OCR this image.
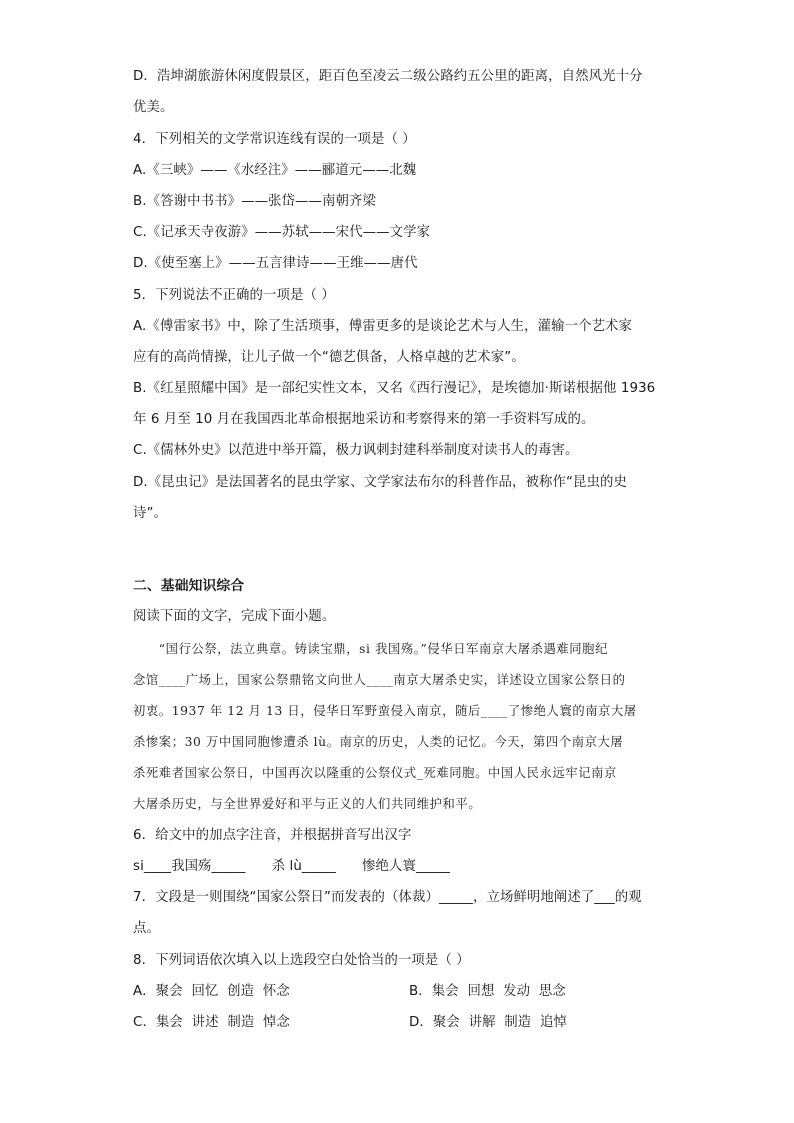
D．浩坤湖旅游休闲度假景区，距百色至凌云二级公路约五公里的距离，自然风光十分
优美。
4．下列相关的文学常识连线有误的一项是（ ）
A.《三峡》——《水经注》——郦道元——北魏
B.《答谢中书书》——张岱——南朝齐梁
C.《记承天寺夜游》——苏轼——宋代——文学家
D.《使至塞上》——五言律诗——王维——唐代
5．下列说法不正确的一项是（ ）
A.《傅雷家书》中，除了生活琐事，傅雷更多的是谈论艺术与人生，灌输一个艺术家
应有的高尚情操，让儿子做一个“德艺俱备，人格卓越的艺术家”。
B.《红星照耀中国》是一部纪实性文本，又名《西行漫记》，是埃德加·斯诺根据他 1936
年 6 月至 10 月在我国西北革命根据地采访和考察得来的第一手资料写成的。
C.《儒林外史》以范进中举开篇，极力讽刺封建科举制度对读书人的毒害。
D.《昆虫记》是法国著名的昆虫学家、文学家法布尔的科普作品，被称作“昆虫的史
诗”。
二、基础知识综合
阅读下面的文字，完成下面小题。
　　“国行公祭，法立典章。铸读宝鼎，si 我国殇。”侵华日军南京大屠杀遇难同胞纪
念馆____广场上，国家公祭鼎铭文向世人____南京大屠杀史实，详述设立国家公祭日的
初衷。1937 年 12 月 13 日，侵华日军野蛮侵入南京，随后____了惨绝人寰的南京大屠
杀惨案；30 万中国同胞惨遭杀 lù。南京的历史，人类的记忆。今天，第四个南京大屠
杀死难者国家公祭日，中国再次以隆重的公祭仪式_死难同胞。中国人民永远牢记南京
大屠杀历史，与全世界爱好和平与正义的人们共同维护和平。
6．给文中的加点字注音，并根据拼音写出汉字
si____我国殇_____      杀 lù_____      惨绝人寰_____
7．文段是一则围绕“国家公祭日”而发表的（体裁）_____，立场鲜明地阐述了___的观
点。
8．下列词语依次填入以上选段空白处恰当的一项是（ ）
A．聚会  回忆  创造  怀念	B．集会  回想  发动  思念
C．集会  讲述  制造  悼念	D．聚会  讲解  制造  追悼
